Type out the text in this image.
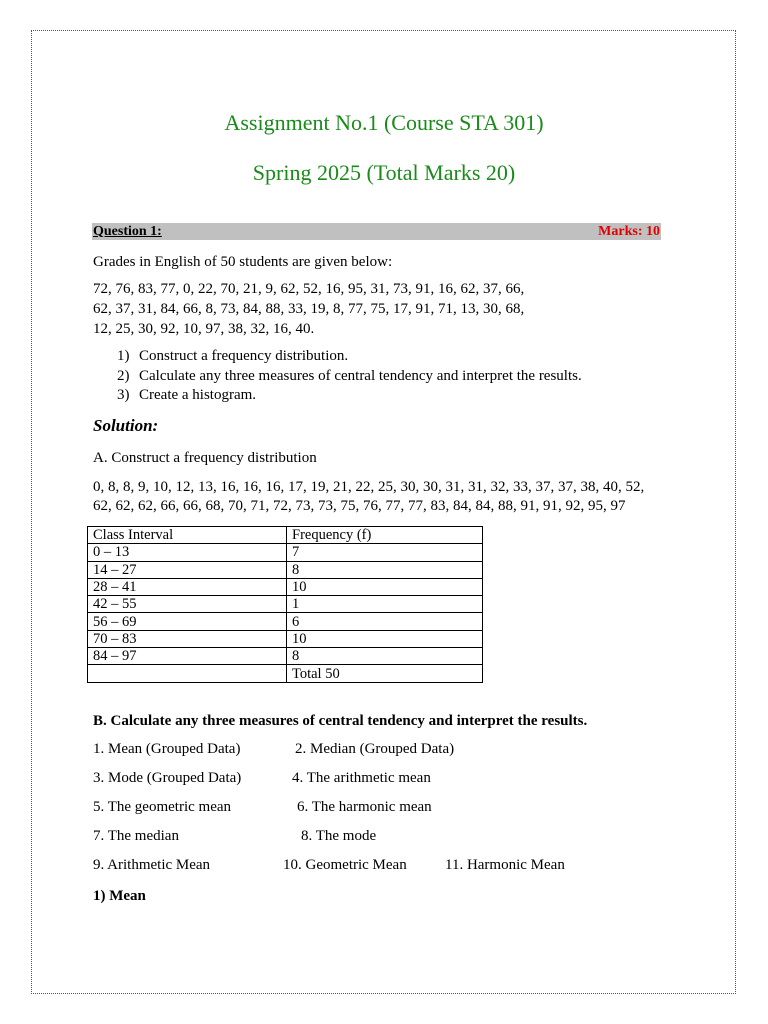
Assignment No.1 (Course STA 301)
Spring 2025 (Total Marks 20)
Question 1:	Marks: 10
Grades in English of 50 students are given below:
72, 76, 83, 77, 0, 22, 70, 21, 9, 62, 52, 16, 95, 31, 73, 91, 16, 62, 37, 66,
62, 37, 31, 84, 66, 8, 73, 84, 88, 33, 19, 8, 77, 75, 17, 91, 71, 13, 30, 68,
12, 25, 30, 92, 10, 97, 38, 32, 16, 40.
1) Construct a frequency distribution.
2) Calculate any three measures of central tendency and interpret the results.
3) Create a histogram.
Solution:
A. Construct a frequency distribution
0, 8, 8, 9, 10, 12, 13, 16, 16, 16, 17, 19, 21, 22, 25, 30, 30, 31, 31, 32, 33, 37, 37, 38, 40, 52,
62, 62, 62, 66, 66, 68, 70, 71, 72, 73, 73, 75, 76, 77, 77, 83, 84, 84, 88, 91, 91, 92, 95, 97
Class Interval	Frequency (f)
0 – 13	7
14 – 27	8
28 – 41	10
42 – 55	1
56 – 69	6
70 – 83	10
84 – 97	8
	Total 50
B. Calculate any three measures of central tendency and interpret the results.
1. Mean (Grouped Data)	2. Median (Grouped Data)
3. Mode (Grouped Data)	4. The arithmetic mean
5. The geometric mean	6. The harmonic mean
7. The median	8. The mode
9. Arithmetic Mean	10. Geometric Mean	11. Harmonic Mean
1) Mean
